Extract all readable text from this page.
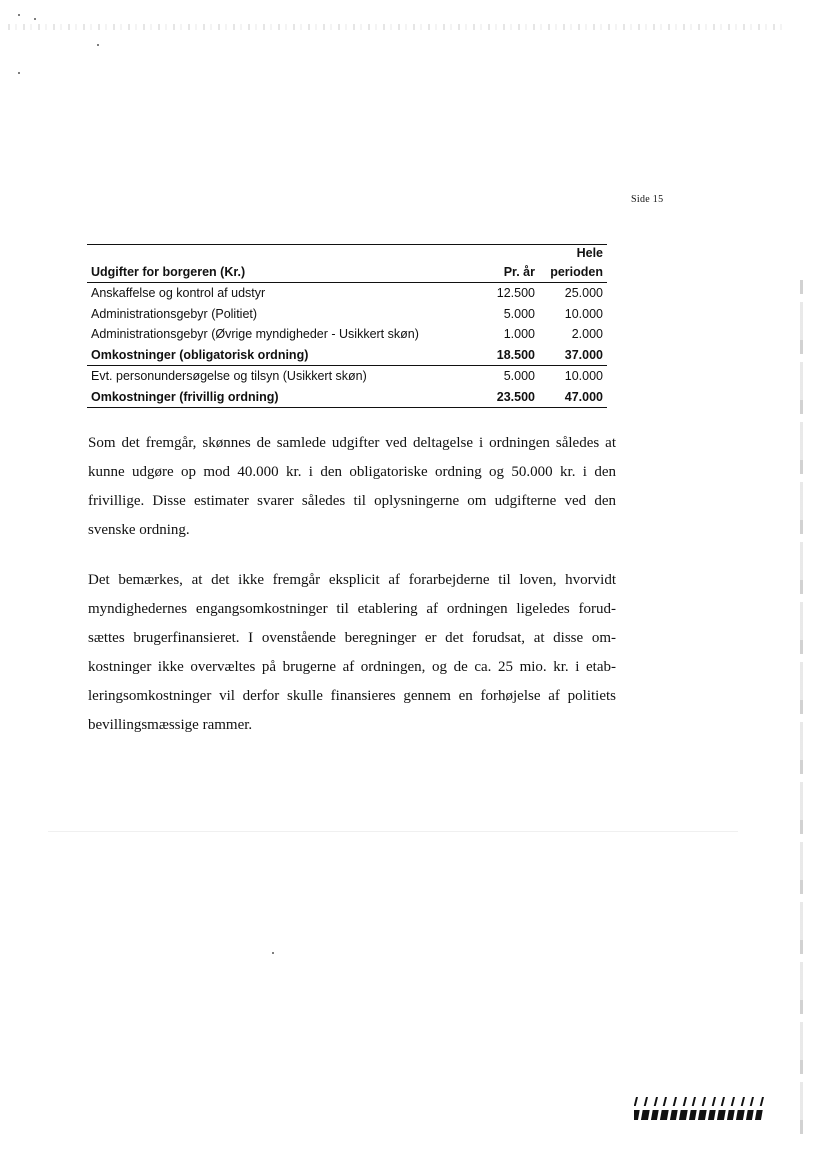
Side 15
		Hele
Udgifter for borgeren (Kr.)	Pr. år	perioden
Anskaffelse og kontrol af udstyr	12.500	25.000
Administrationsgebyr (Politiet)	5.000	10.000
Administrationsgebyr (Øvrige myndigheder - Usikkert skøn)	1.000	2.000
Omkostninger (obligatorisk ordning)	18.500	37.000
Evt. personundersøgelse og tilsyn (Usikkert skøn)	5.000	10.000
Omkostninger (frivillig ordning)	23.500	47.000

Som det fremgår, skønnes de samlede udgifter ved deltagelse i ordningen således at kunne udgøre op mod 40.000 kr. i den obligatoriske ordning og 50.000 kr. i den frivillige. Disse estimater svarer således til oplysningerne om udgifterne ved den svenske ordning.

Det bemærkes, at det ikke fremgår eksplicit af forarbejderne til loven, hvorvidt myndighedernes engangsomkostninger til etablering af ordningen ligeledes forud-sættes brugerfinansieret. I ovenstående beregninger er det forudsat, at disse om-kostninger ikke overvæltes på brugerne af ordningen, og de ca. 25 mio. kr. i etab-leringsomkostninger vil derfor skulle finansieres gennem en forhøjelse af politiets bevillingsmæssige rammer.
